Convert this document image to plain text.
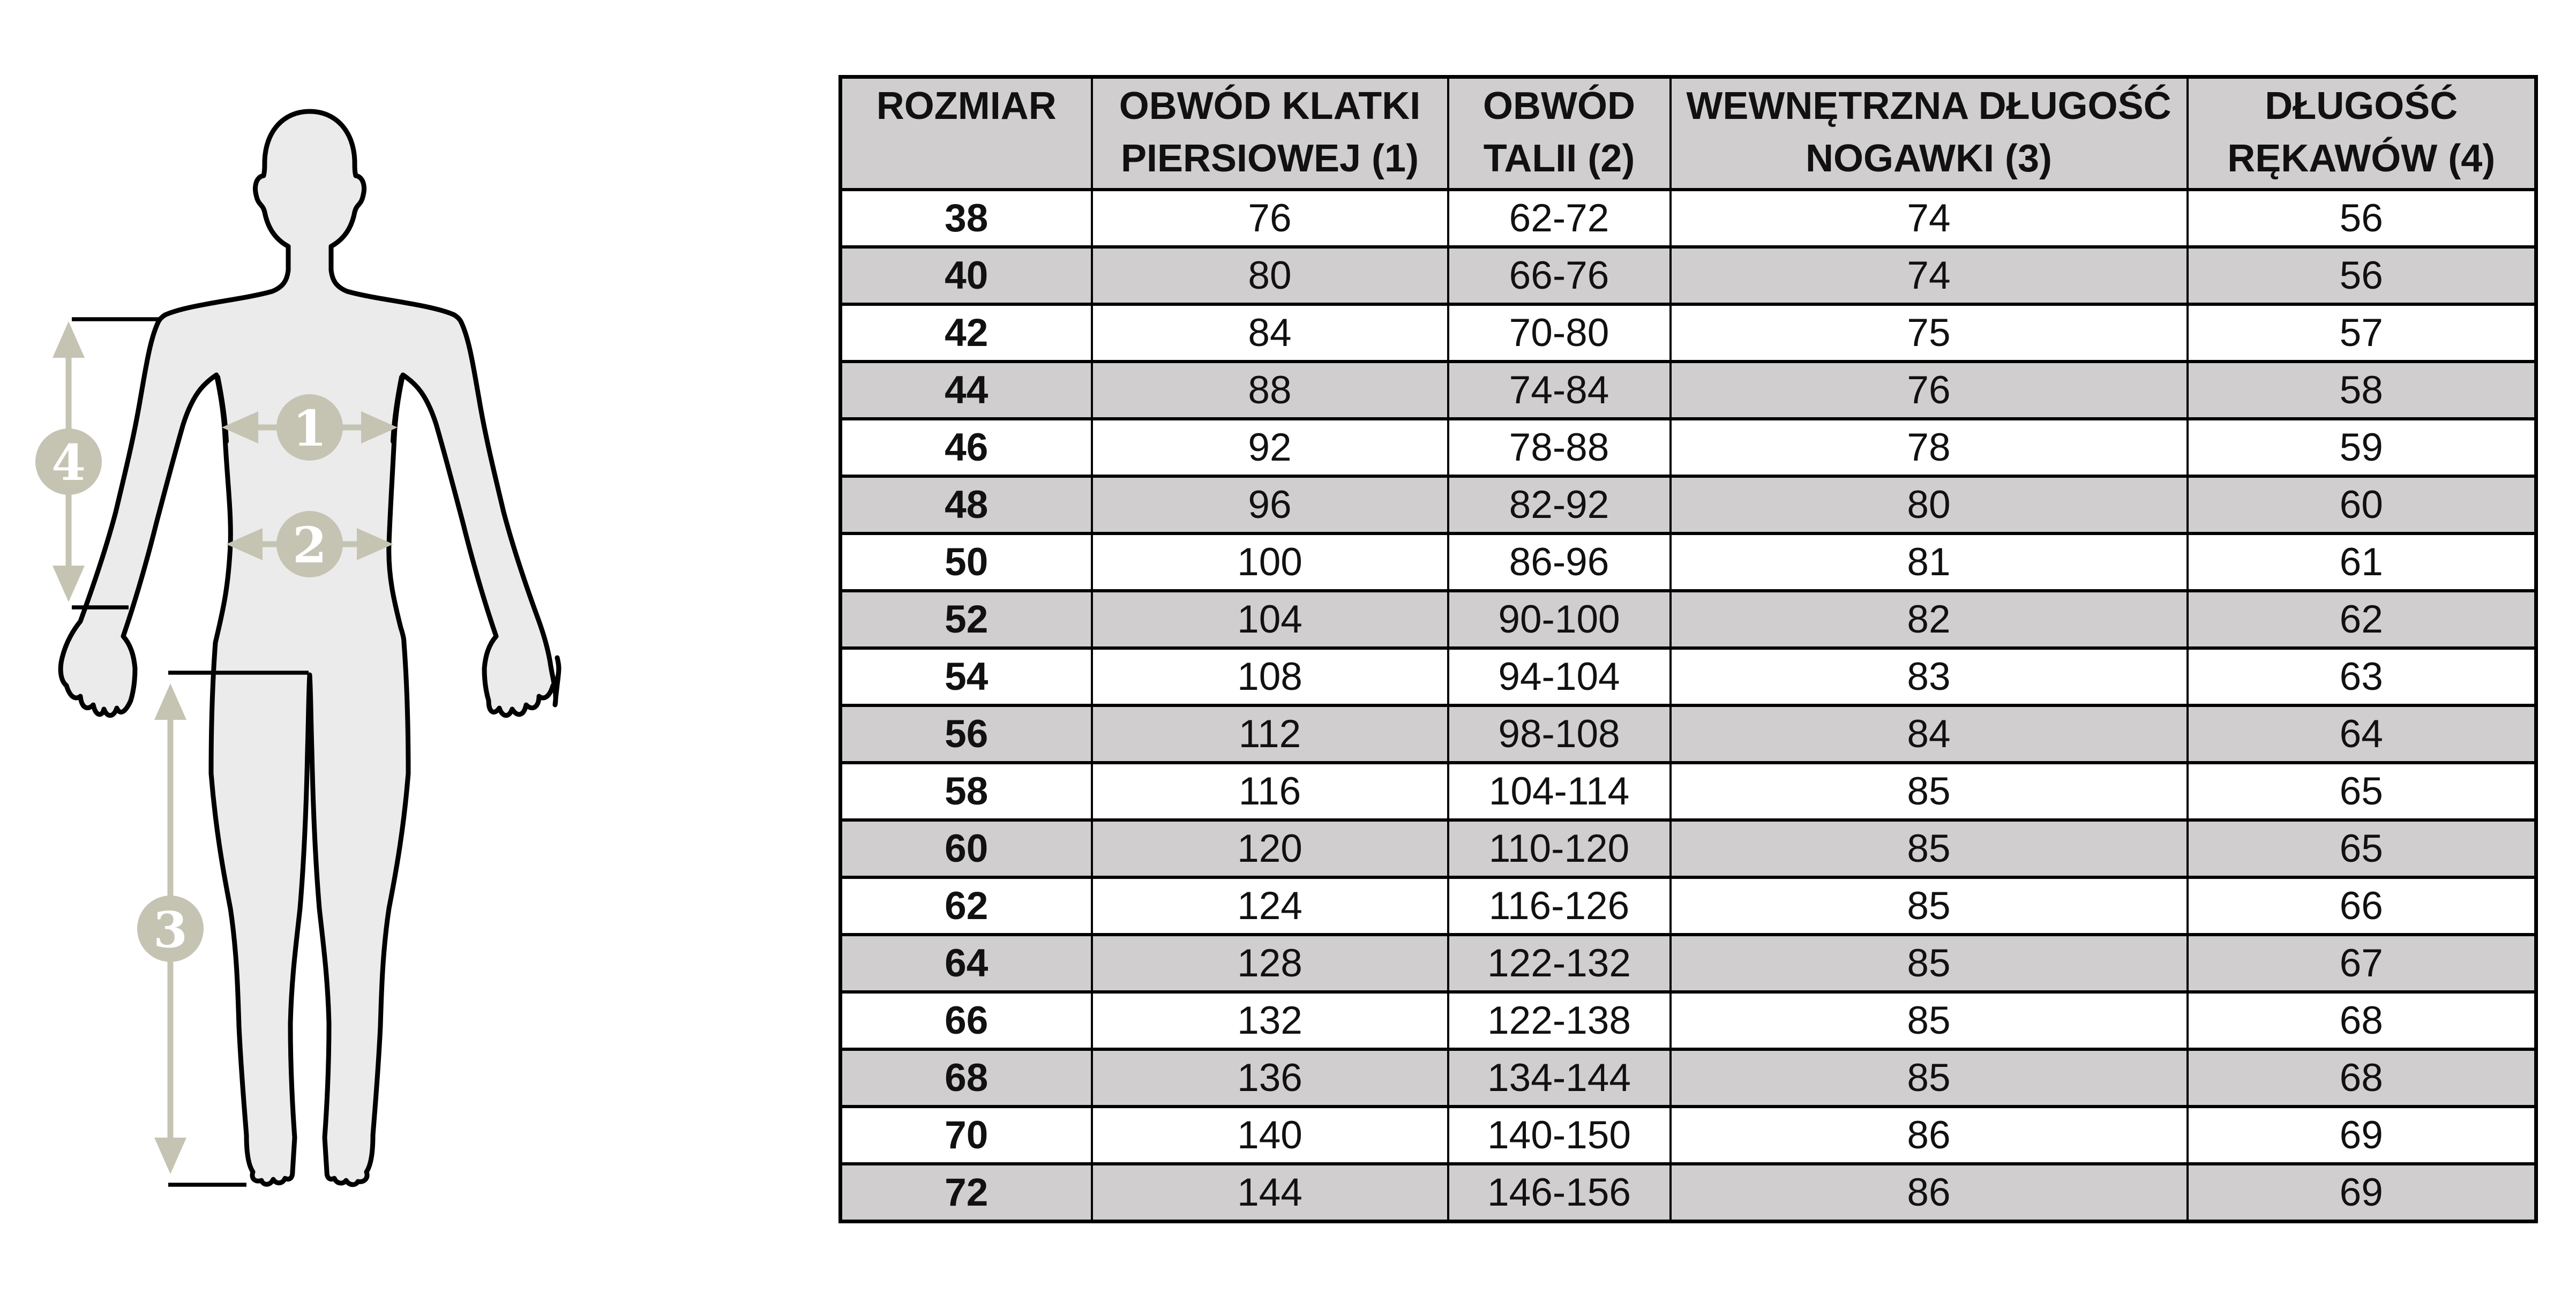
1
2
3
4
ROZMIAR	OBWÓD KLATKI PIERSIOWEJ (1)	OBWÓD TALII (2)	WEWNĘTRZNA DŁUGOŚĆ NOGAWKI (3)	DŁUGOŚĆ RĘKAWÓW (4)
38	76	62-72	74	56
40	80	66-76	74	56
42	84	70-80	75	57
44	88	74-84	76	58
46	92	78-88	78	59
48	96	82-92	80	60
50	100	86-96	81	61
52	104	90-100	82	62
54	108	94-104	83	63
56	112	98-108	84	64
58	116	104-114	85	65
60	120	110-120	85	65
62	124	116-126	85	66
64	128	122-132	85	67
66	132	122-138	85	68
68	136	134-144	85	68
70	140	140-150	86	69
72	144	146-156	86	69
